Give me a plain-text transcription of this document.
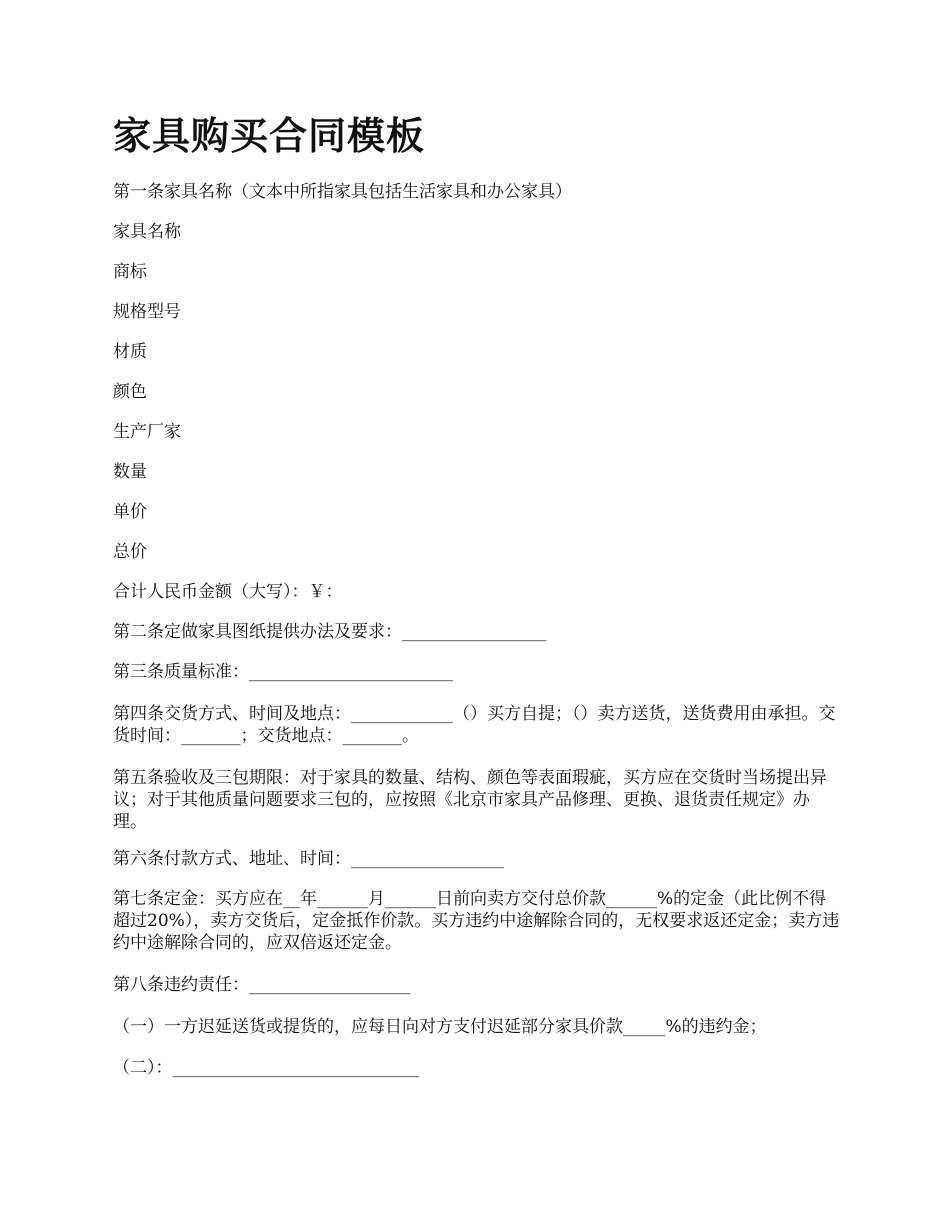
家具购买合同模板

第一条家具名称（文本中所指家具包括生活家具和办公家具）

家具名称

商标

规格型号

材质

颜色

生产厂家

数量

单价

总价

合计人民币金额（大写）：￥：

第二条定做家具图纸提供办法及要求：_________________

第三条质量标准：________________________

第四条交货方式、时间及地点：____________（）买方自提；（）卖方送货，送货费用由承担。交货时间：_______；交货地点：_______。

第五条验收及三包期限：对于家具的数量、结构、颜色等表面瑕疵，买方应在交货时当场提出异议；对于其他质量问题要求三包的，应按照《北京市家具产品修理、更换、退货责任规定》办理。

第六条付款方式、地址、时间：__________________

第七条定金：买方应在__年______月______日前向卖方交付总价款______%的定金（此比例不得超过20%），卖方交货后，定金抵作价款。买方违约中途解除合同的，无权要求返还定金；卖方违约中途解除合同的，应双倍返还定金。

第八条违约责任：___________________

（一）一方迟延送货或提货的，应每日向对方支付迟延部分家具价款_____%的违约金；

（二）：_____________________________
